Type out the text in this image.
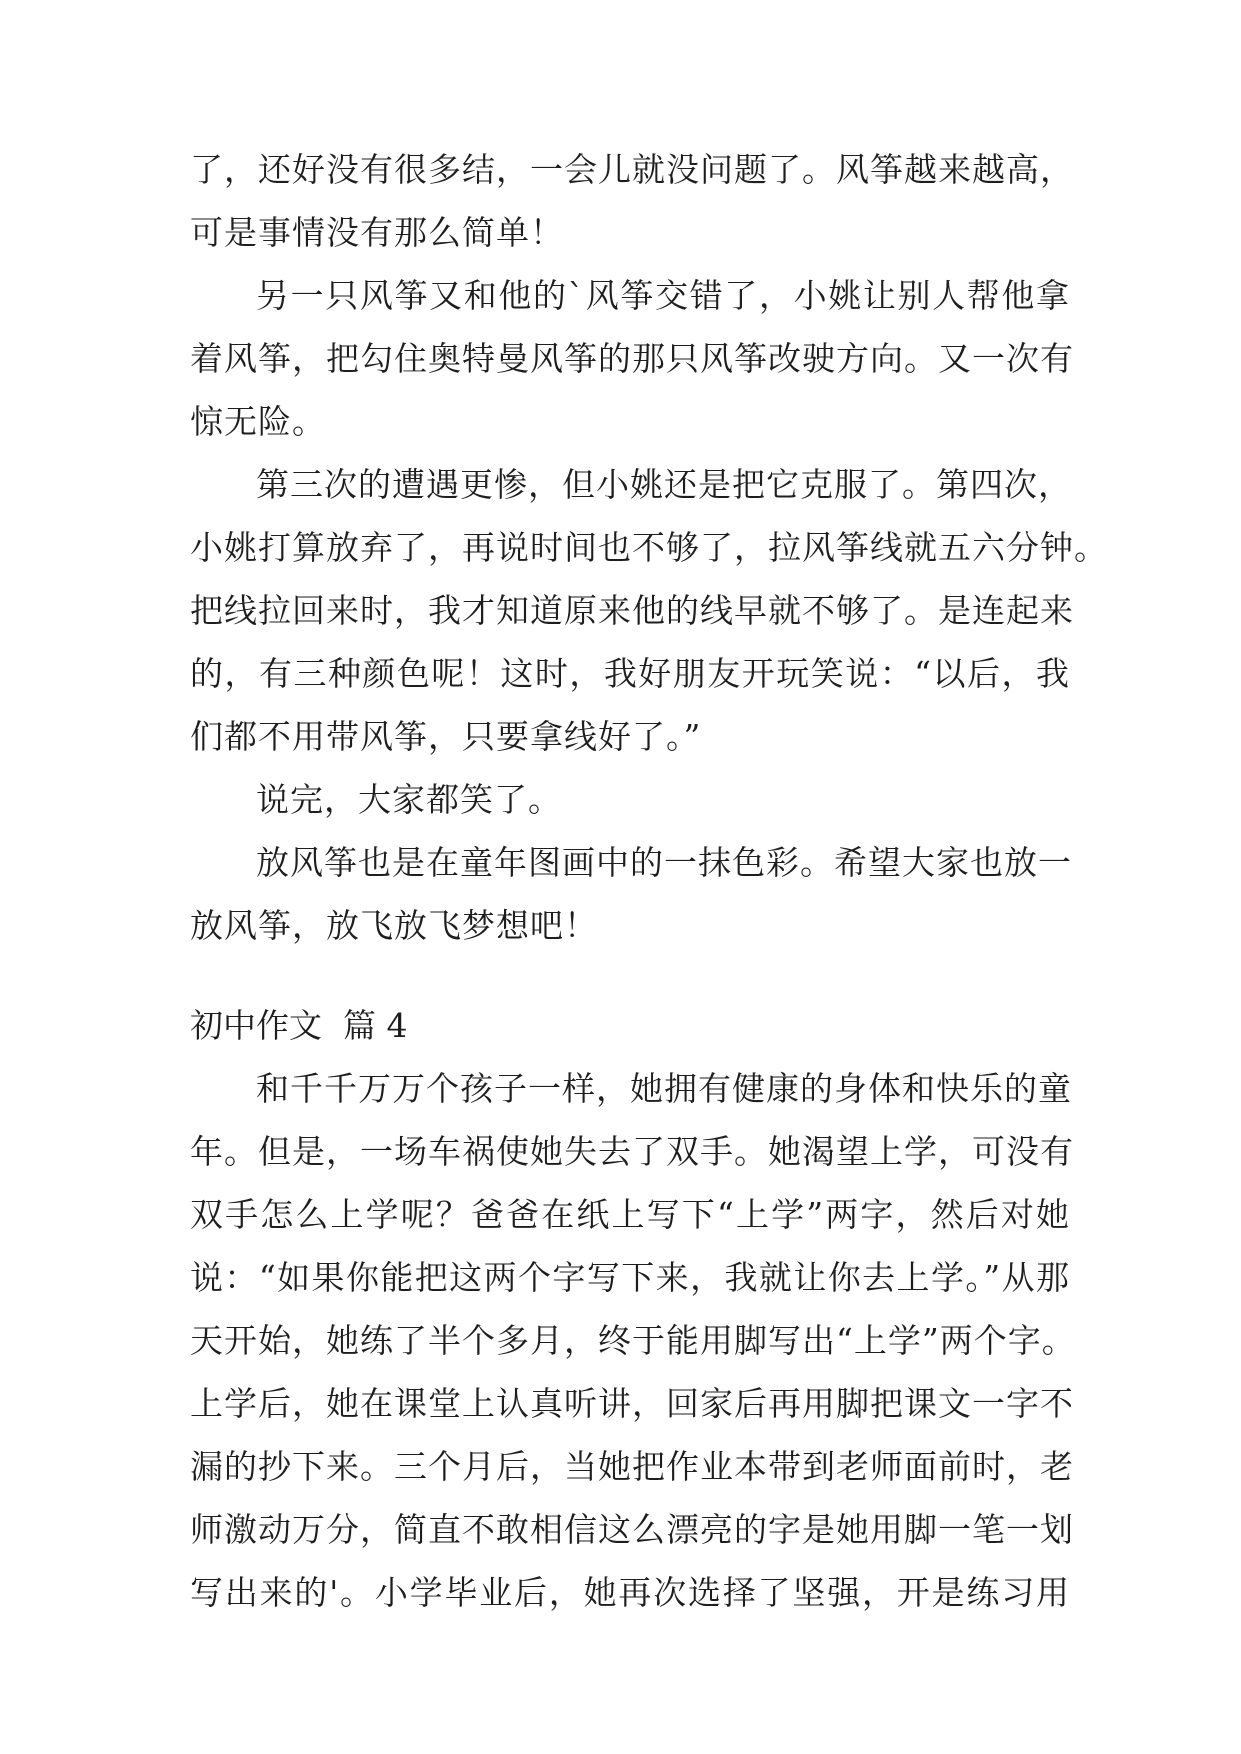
了，还好没有很多结，一会儿就没问题了。风筝越来越高，
可是事情没有那么简单！
另一只风筝又和他的`风筝交错了，小姚让别人帮他拿
着风筝，把勾住奥特曼风筝的那只风筝改驶方向。又一次有
惊无险。
第三次的遭遇更惨，但小姚还是把它克服了。第四次，
小姚打算放弃了，再说时间也不够了，拉风筝线就五六分钟。
把线拉回来时，我才知道原来他的线早就不够了。是连起来
的，有三种颜色呢！这时，我好朋友开玩笑说：“以后，我
们都不用带风筝，只要拿线好了。”
说完，大家都笑了。
放风筝也是在童年图画中的一抹色彩。希望大家也放一
放风筝，放飞放飞梦想吧！
初中作文  篇 4
和千千万万个孩子一样，她拥有健康的身体和快乐的童
年。但是，一场车祸使她失去了双手。她渴望上学，可没有
双手怎么上学呢？爸爸在纸上写下“上学”两字，然后对她
说：“如果你能把这两个字写下来，我就让你去上学。”从那
天开始，她练了半个多月，终于能用脚写出“上学”两个字。
上学后，她在课堂上认真听讲，回家后再用脚把课文一字不
漏的抄下来。三个月后，当她把作业本带到老师面前时，老
师激动万分，简直不敢相信这么漂亮的字是她用脚一笔一划
写出来的'。小学毕业后，她再次选择了坚强，开是练习用
